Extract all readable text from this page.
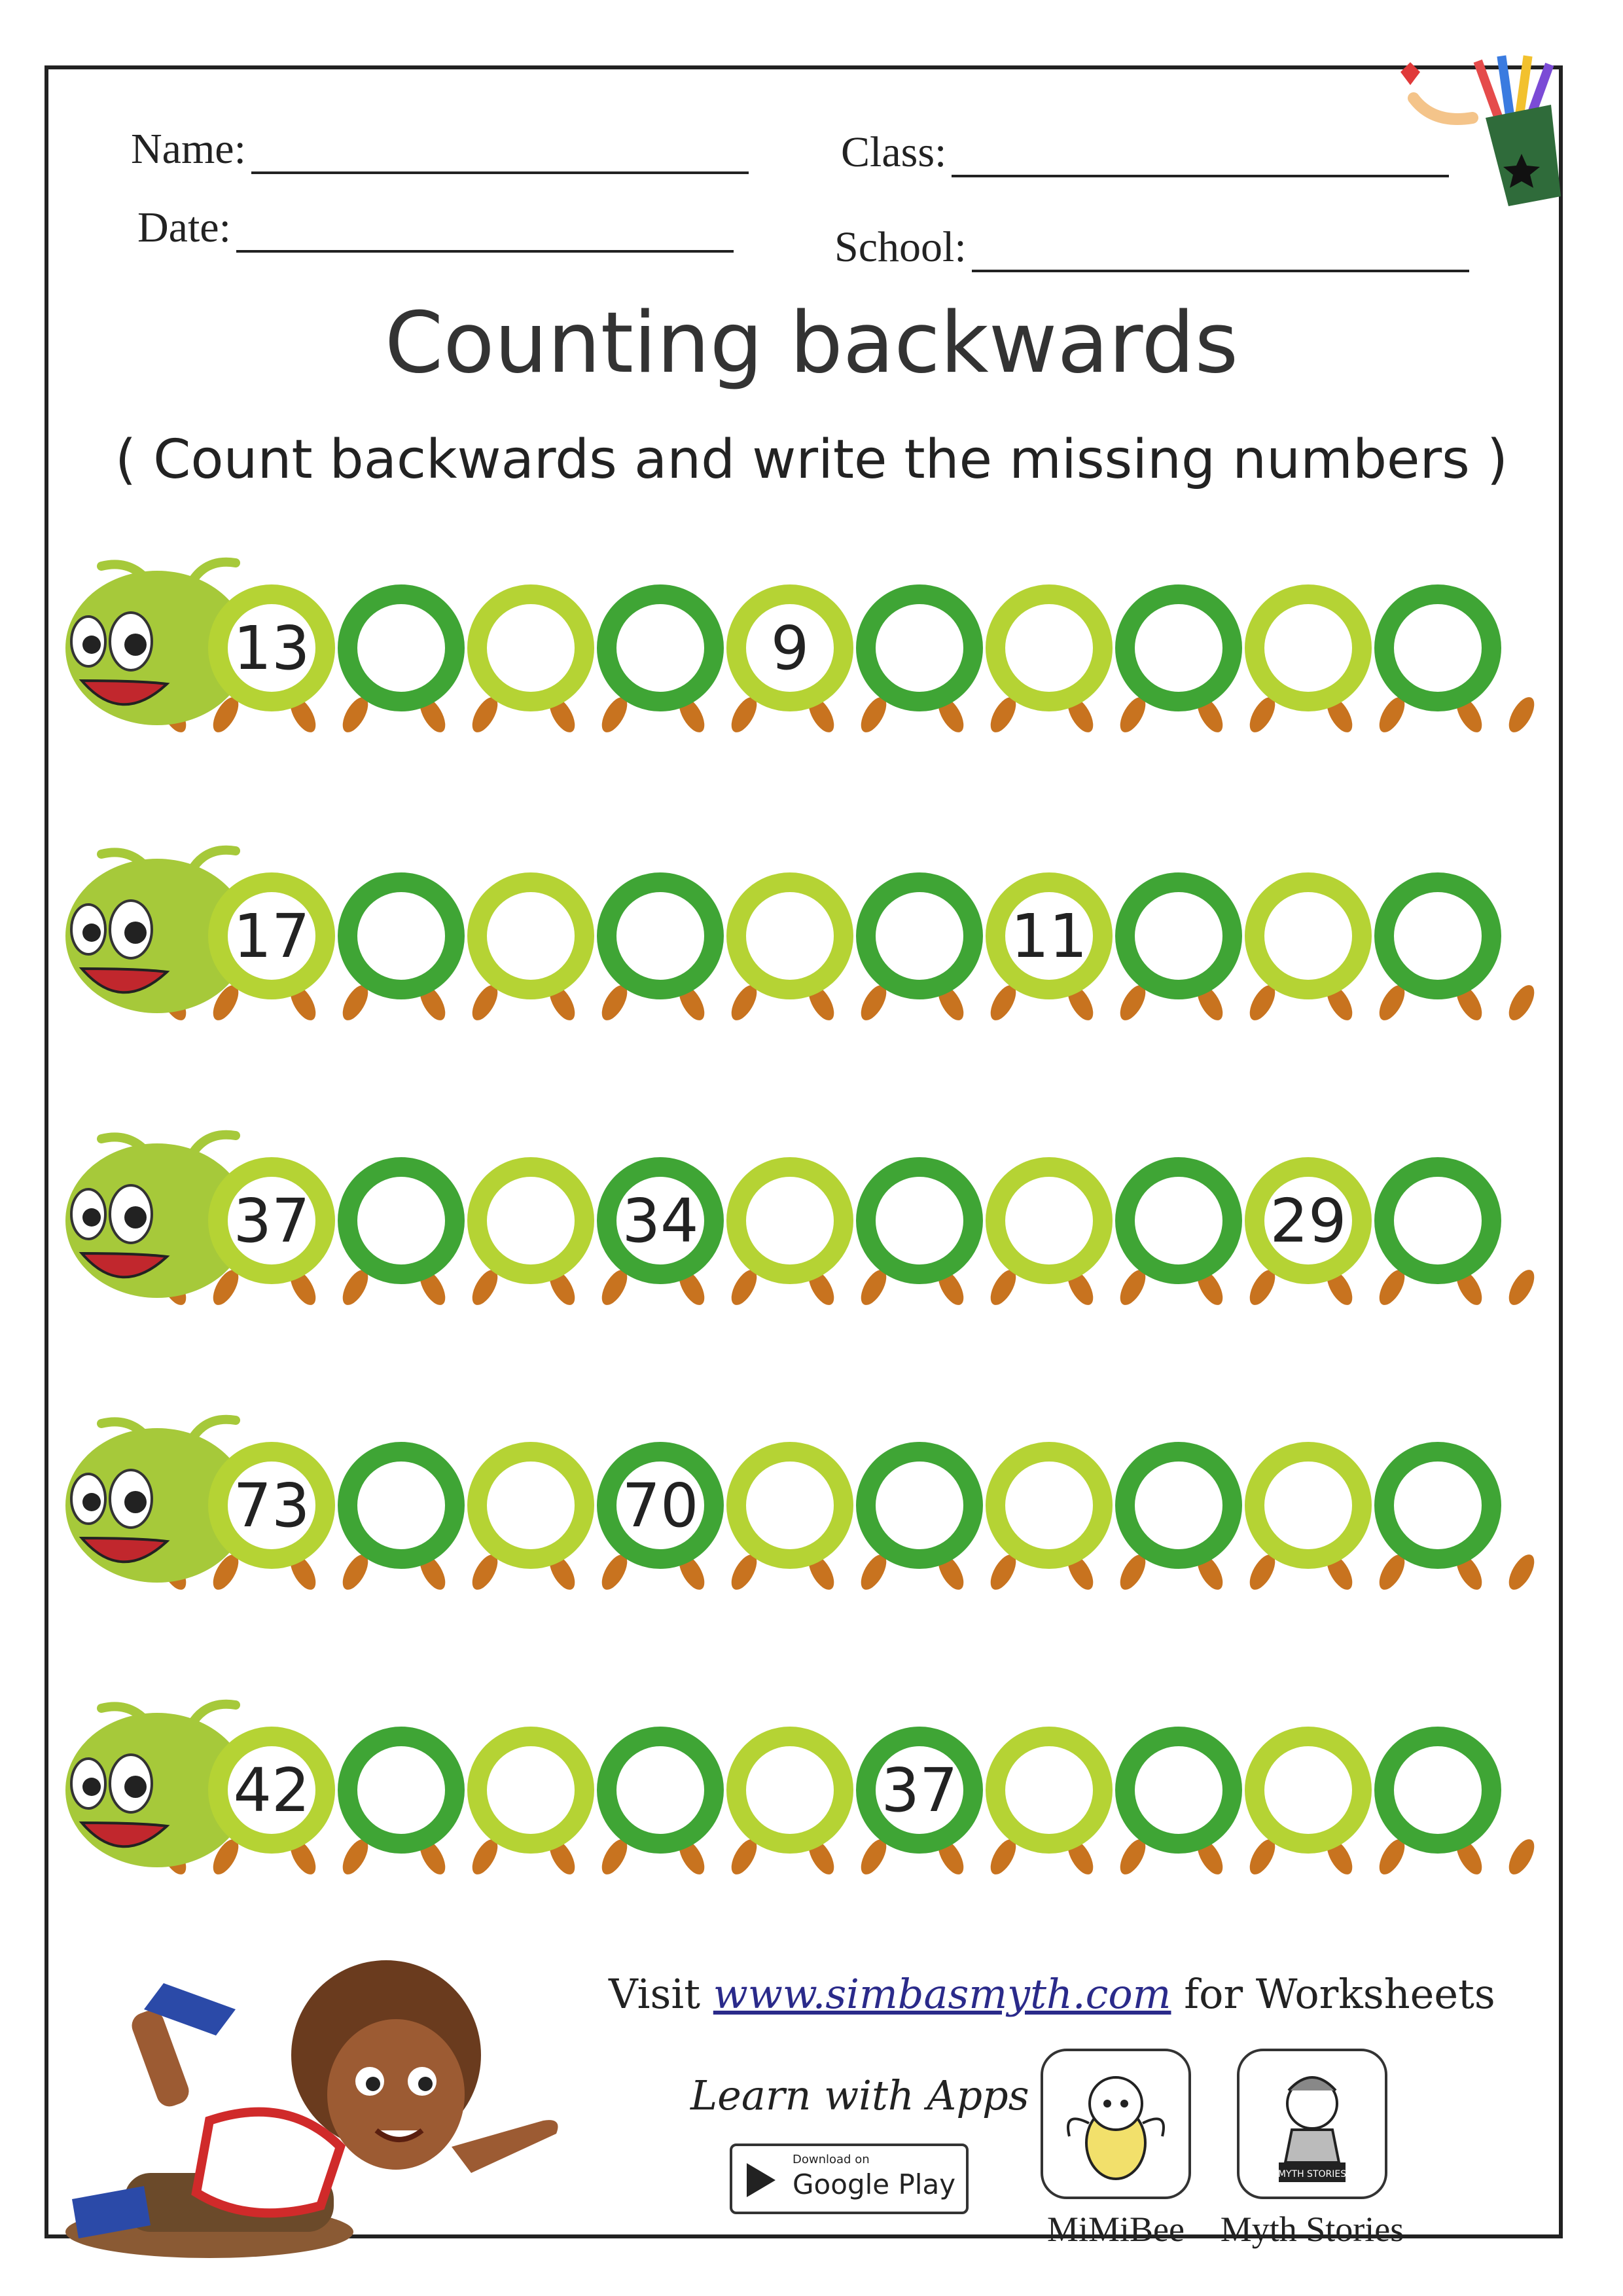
Name:	Class:
Date:	School:
Counting backwards
( Count backwards and write the missing numbers )
13	9
17	11
37	34	29
73	70
42	37
Visit www.simbasmyth.com for Worksheets
Learn with Apps
Download on
Google Play
MiMiBee
MYTH STORIES
Myth Stories
